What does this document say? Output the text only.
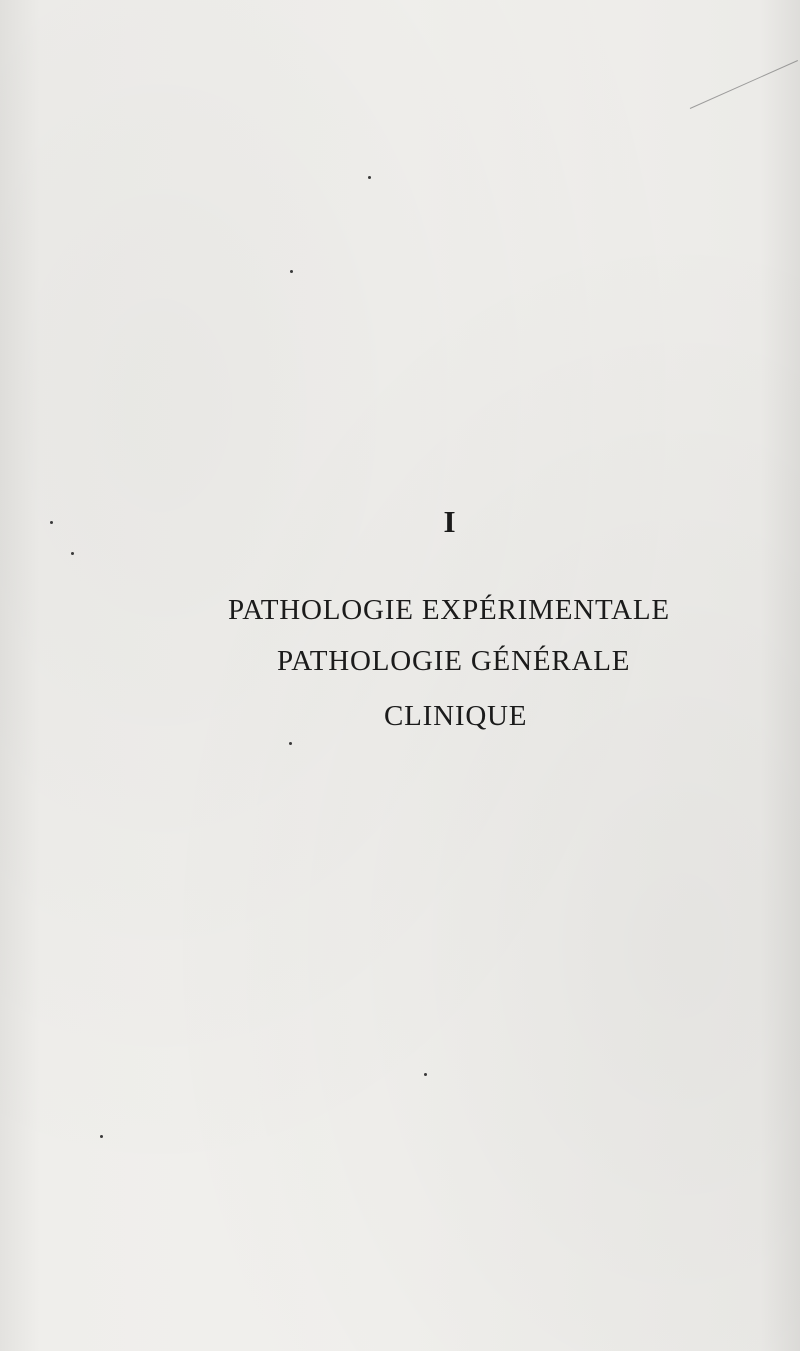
I
PATHOLOGIE EXPÉRIMENTALE
PATHOLOGIE GÉNÉRALE
CLINIQUE
